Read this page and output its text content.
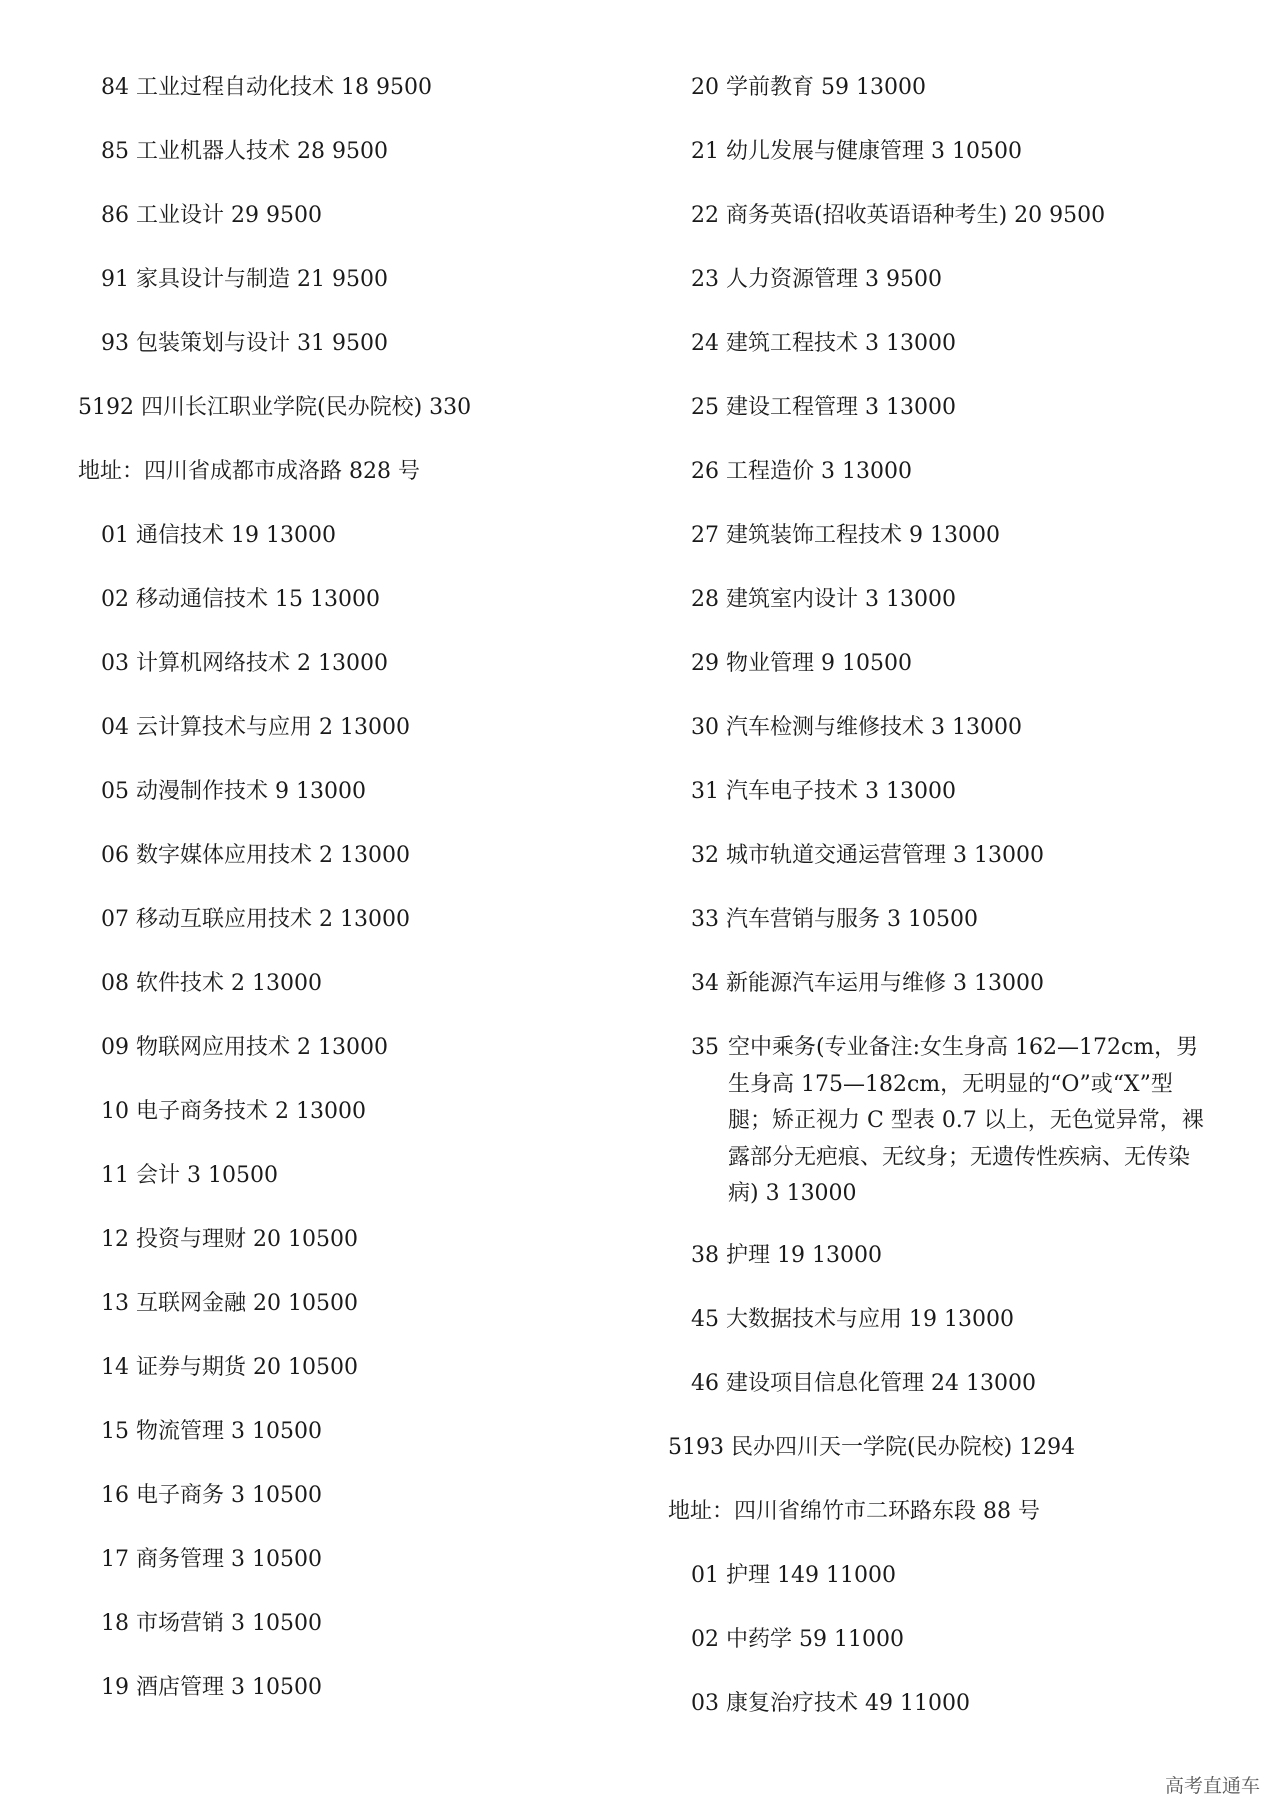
84 工业过程自动化技术 18 9500
85 工业机器人技术 28 9500
86 工业设计 29 9500
91 家具设计与制造 21 9500
93 包装策划与设计 31 9500
5192 四川长江职业学院(民办院校) 330
地址：四川省成都市成洛路 828 号
01 通信技术 19 13000
02 移动通信技术 15 13000
03 计算机网络技术 2 13000
04 云计算技术与应用 2 13000
05 动漫制作技术 9 13000
06 数字媒体应用技术 2 13000
07 移动互联应用技术 2 13000
08 软件技术 2 13000
09 物联网应用技术 2 13000
10 电子商务技术 2 13000
11 会计 3 10500
12 投资与理财 20 10500
13 互联网金融 20 10500
14 证券与期货 20 10500
15 物流管理 3 10500
16 电子商务 3 10500
17 商务管理 3 10500
18 市场营销 3 10500
19 酒店管理 3 10500
20 学前教育 59 13000
21 幼儿发展与健康管理 3 10500
22 商务英语(招收英语语种考生) 20 9500
23 人力资源管理 3 9500
24 建筑工程技术 3 13000
25 建设工程管理 3 13000
26 工程造价 3 13000
27 建筑装饰工程技术 9 13000
28 建筑室内设计 3 13000
29 物业管理 9 10500
30 汽车检测与维修技术 3 13000
31 汽车电子技术 3 13000
32 城市轨道交通运营管理 3 13000
33 汽车营销与服务 3 10500
34 新能源汽车运用与维修 3 13000
35 空中乘务(专业备注:女生身高 162—172cm，男生身高 175—182cm，无明显的“O”或“X”型腿；矫正视力 C 型表 0.7 以上，无色觉异常，裸露部分无疤痕、无纹身；无遗传性疾病、无传染病) 3 13000
38 护理 19 13000
45 大数据技术与应用 19 13000
46 建设项目信息化管理 24 13000
5193 民办四川天一学院(民办院校) 1294
地址：四川省绵竹市二环路东段 88 号
01 护理 149 11000
02 中药学 59 11000
03 康复治疗技术 49 11000
高考直通车
